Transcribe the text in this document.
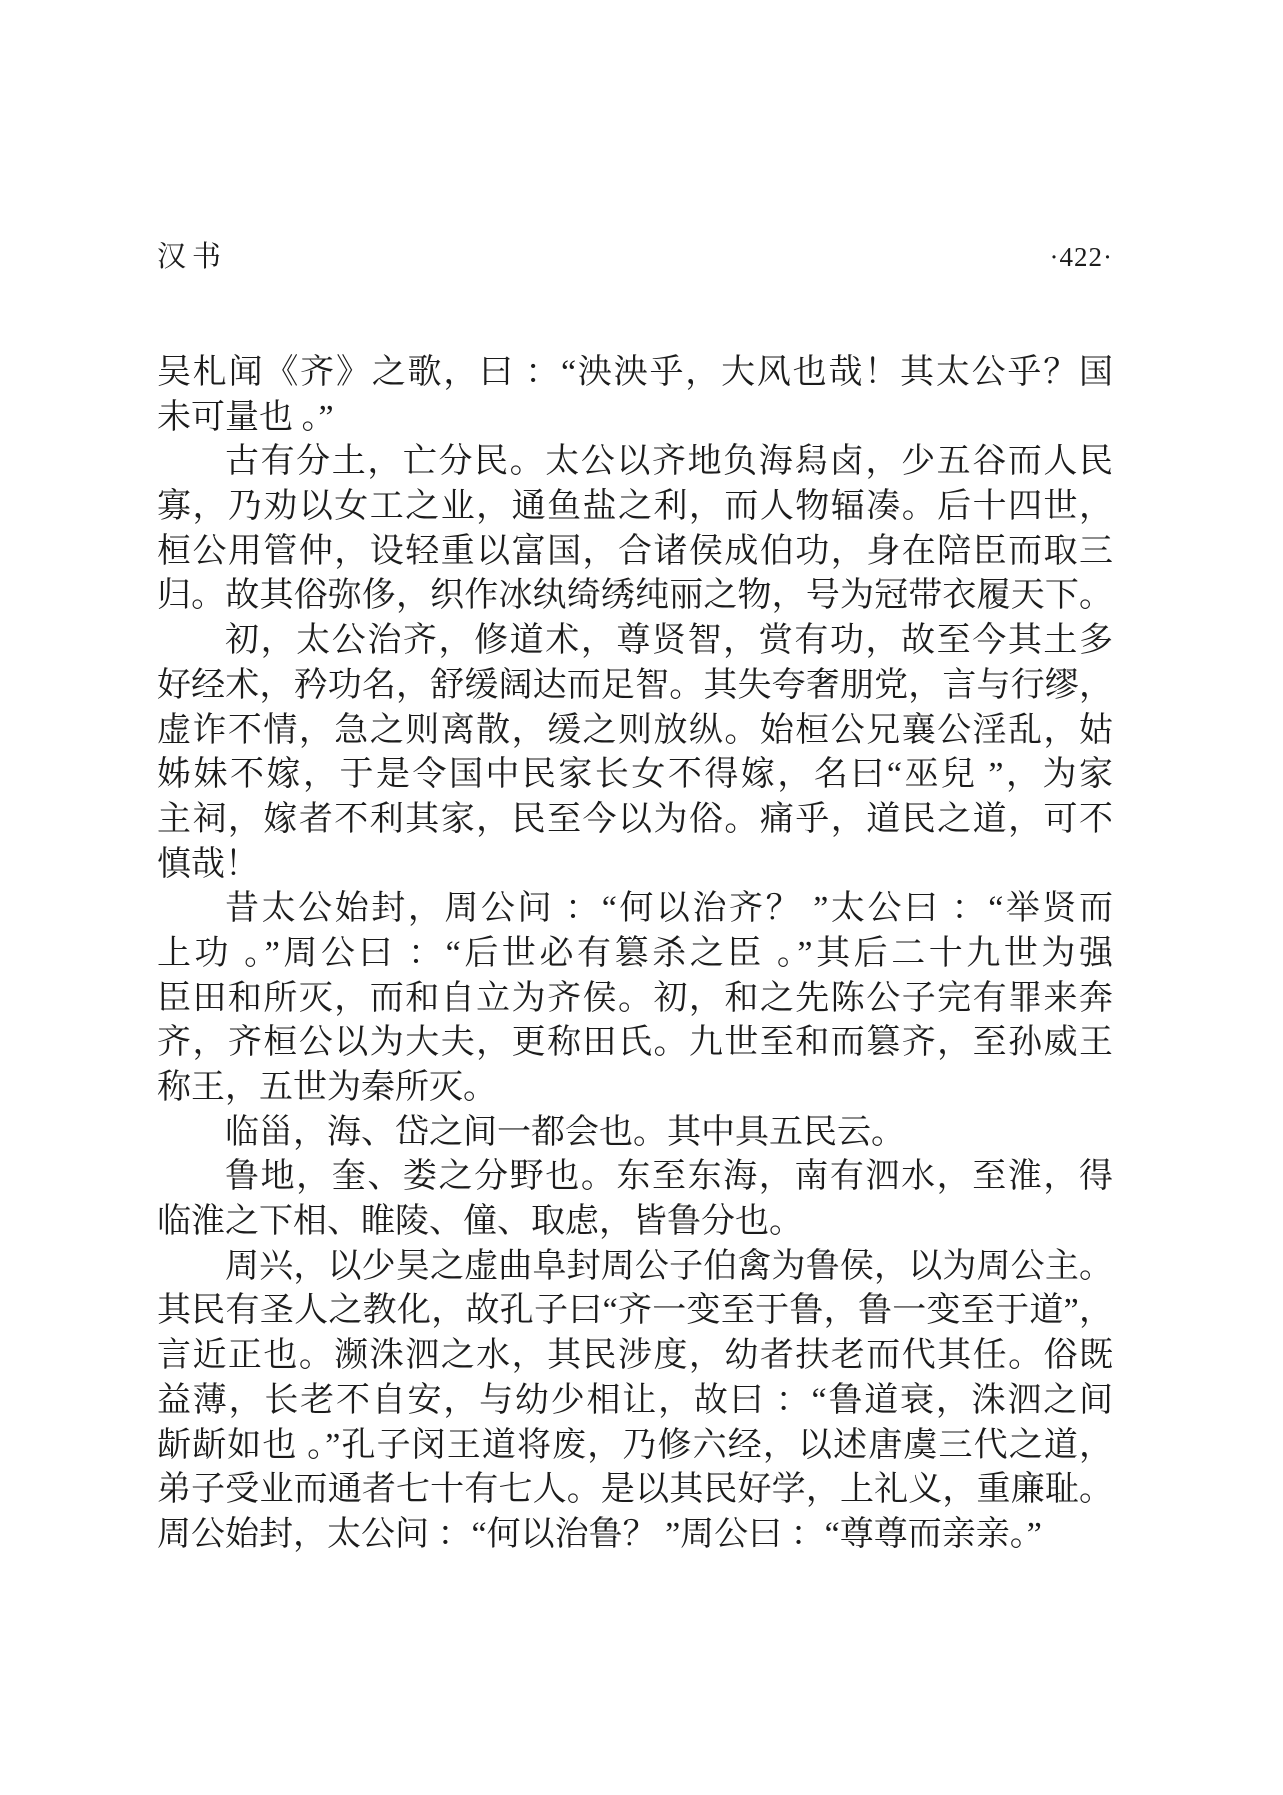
汉书	·422·
吴札闻《齐》之歌，曰 ：“泱泱乎，大风也哉！其太公乎？国
未可量也 。”
古有分土，亡分民。太公以齐地负海舄卤，少五谷而人民
寡，乃劝以女工之业，通鱼盐之利，而人物辐凑。后十四世，
桓公用管仲，设轻重以富国，合诸侯成伯功，身在陪臣而取三
归。故其俗弥侈，织作冰纨绮绣纯丽之物，号为冠带衣履天下。
初，太公治齐，修道术，尊贤智，赏有功，故至今其土多
好经术，矜功名，舒缓阔达而足智。其失夸奢朋党，言与行缪，
虚诈不情，急之则离散，缓之则放纵。始桓公兄襄公淫乱，姑
姊妹不嫁，于是令国中民家长女不得嫁，名曰“巫兒 ”，为家
主祠，嫁者不利其家，民至今以为俗。痛乎，道民之道，可不
慎哉！
昔太公始封，周公问 ：“何以治齐？ ”太公曰 ：“举贤而
上功 。”周公曰 ：“后世必有篡杀之臣 。”其后二十九世为强
臣田和所灭，而和自立为齐侯。初，和之先陈公子完有罪来奔
齐，齐桓公以为大夫，更称田氏。九世至和而篡齐，至孙威王
称王，五世为秦所灭。
临甾，海、岱之间一都会也。其中具五民云。
鲁地，奎、娄之分野也。东至东海，南有泗水，至淮，得
临淮之下相、睢陵、僮、取虑，皆鲁分也。
周兴，以少昊之虚曲阜封周公子伯禽为鲁侯，以为周公主。
其民有圣人之教化，故孔子曰“齐一变至于鲁，鲁一变至于道”，
言近正也。濒洙泗之水，其民涉度，幼者扶老而代其任。俗既
益薄，长老不自安，与幼少相让，故曰 ：“鲁道衰，洙泗之间
龂龂如也 。”孔子闵王道将废，乃修六经，以述唐虞三代之道，
弟子受业而通者七十有七人。是以其民好学，上礼义，重廉耻。
周公始封，太公问 ：“何以治鲁？ ”周公曰 ：“尊尊而亲亲。”
